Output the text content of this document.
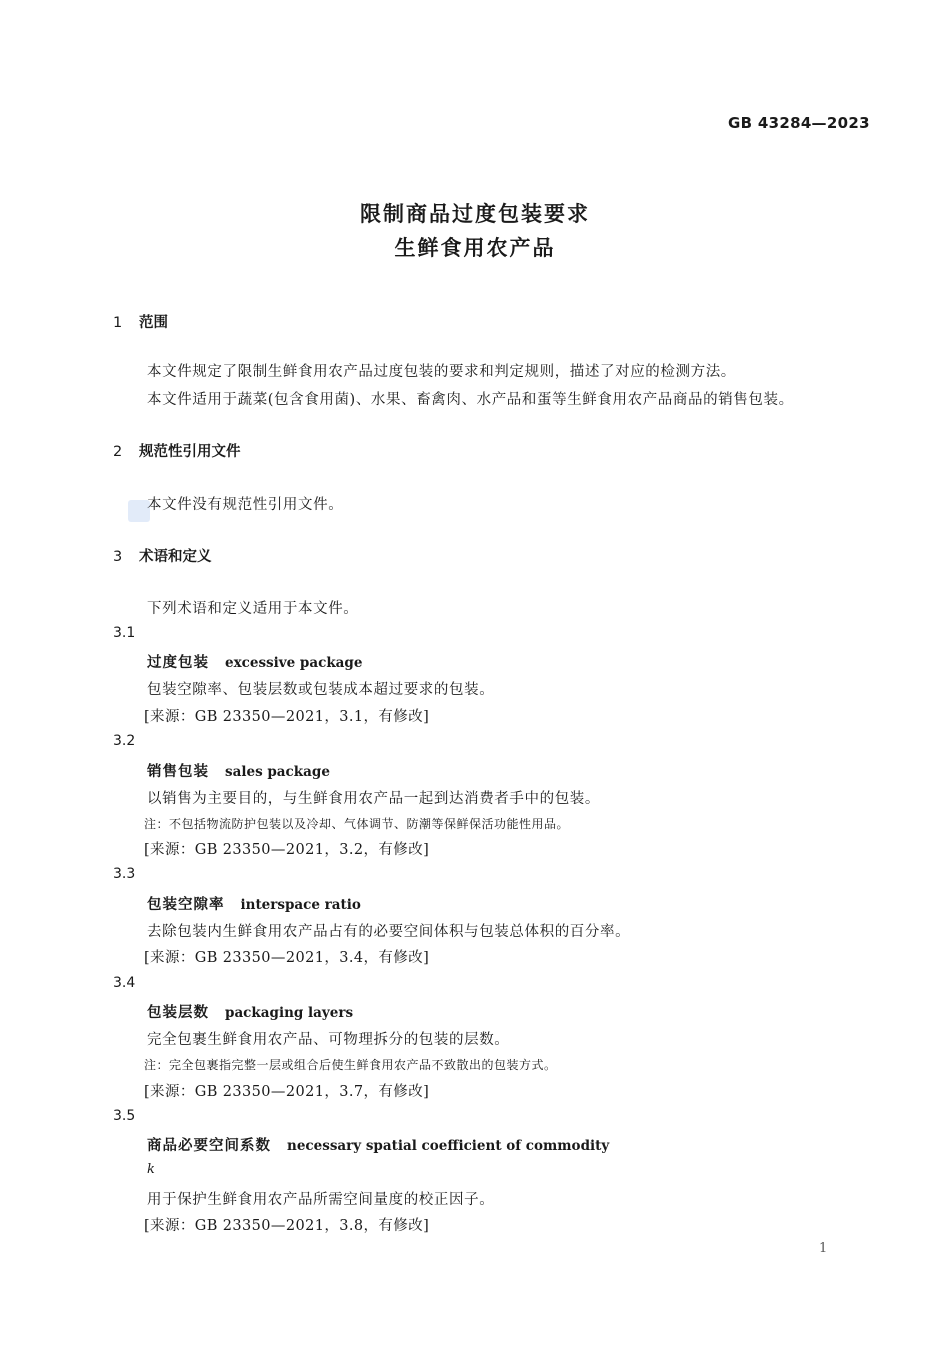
GB 43284—2023
限制商品过度包装要求
生鲜食用农产品
1 范围
本文件规定了限制生鲜食用农产品过度包装的要求和判定规则，描述了对应的检测方法。
本文件适用于蔬菜(包含食用菌)、水果、畜禽肉、水产品和蛋等生鲜食用农产品商品的销售包装。
2 规范性引用文件
本文件没有规范性引用文件。
3 术语和定义
下列术语和定义适用于本文件。
3.1
过度包装 excessive package
包装空隙率、包装层数或包装成本超过要求的包装。
[来源：GB 23350—2021，3.1，有修改]
3.2
销售包装 sales package
以销售为主要目的，与生鲜食用农产品一起到达消费者手中的包装。
注：不包括物流防护包装以及冷却、气体调节、防潮等保鲜保活功能性用品。
[来源：GB 23350—2021，3.2，有修改]
3.3
包装空隙率 interspace ratio
去除包装内生鲜食用农产品占有的必要空间体积与包装总体积的百分率。
[来源：GB 23350—2021，3.4，有修改]
3.4
包装层数 packaging layers
完全包裹生鲜食用农产品、可物理拆分的包装的层数。
注：完全包裹指完整一层或组合后使生鲜食用农产品不致散出的包装方式。
[来源：GB 23350—2021，3.7，有修改]
3.5
商品必要空间系数 necessary spatial coefficient of commodity
k
用于保护生鲜食用农产品所需空间量度的校正因子。
[来源：GB 23350—2021，3.8，有修改]
1
